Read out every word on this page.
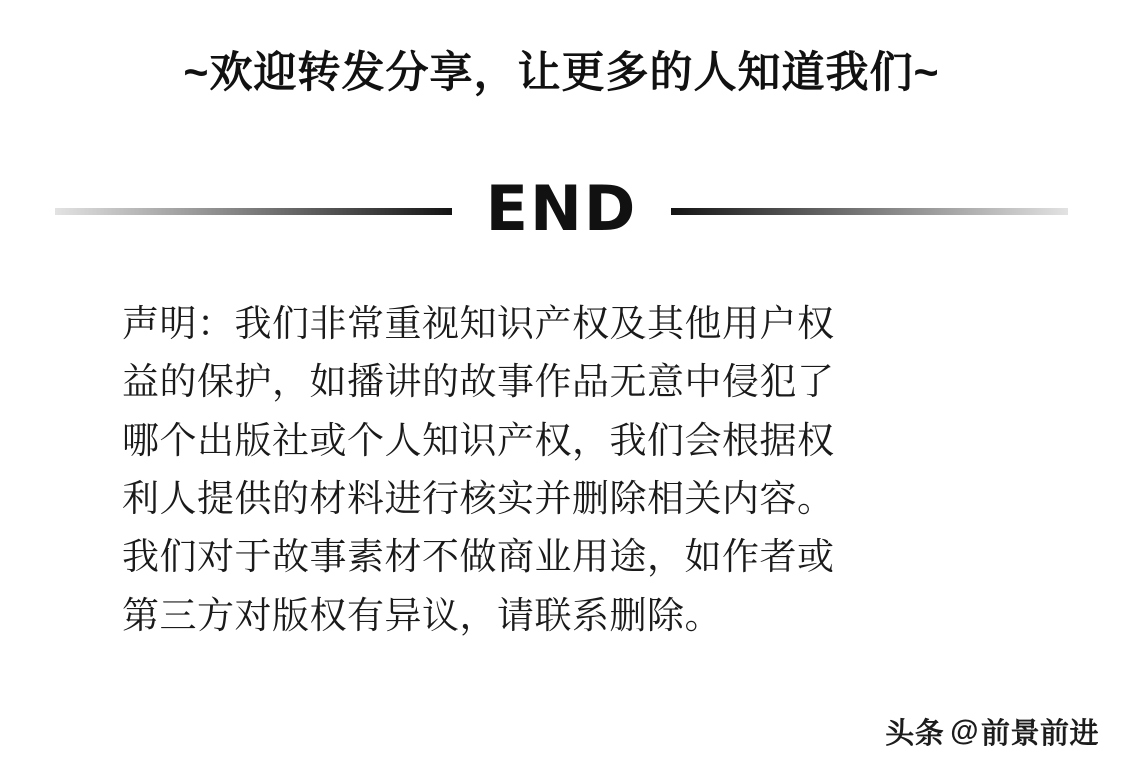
~欢迎转发分享，让更多的人知道我们~
END

声明：我们非常重视知识产权及其他用户权

益的保护，如播讲的故事作品无意中侵犯了

哪个出版社或个人知识产权，我们会根据权

利人提供的材料进行核实并删除相关内容。

我们对于故事素材不做商业用途，如作者或

第三方对版权有异议，请联系删除。

头条 @ 前景前进
